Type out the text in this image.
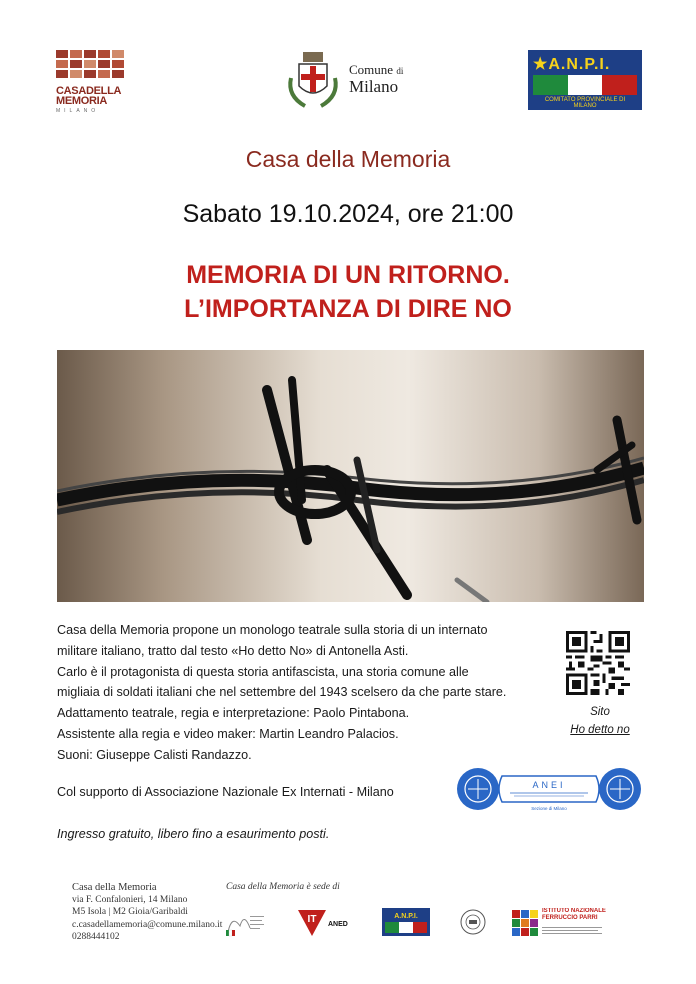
CASADELLA
MEMORIA
MILANO
Comune di
Milano
★A.N.P.I.
COMITATO PROVINCIALE DI MILANO
Casa della Memoria
Sabato 19.10.2024, ore 21:00
MEMORIA DI UN RITORNO.
L’IMPORTANZA DI DIRE NO

Casa della Memoria propone un monologo teatrale sulla storia di un internato

militare italiano, tratto dal testo «Ho detto No» di Antonella Asti.

Carlo è il protagonista di questa storia antifascista, una storia comune alle

migliaia di soldati italiani che nel settembre del 1943 scelsero da che parte stare.

Adattamento teatrale, regia e interpretazione: Paolo Pintabona.

Assistente alla regia e video maker: Martin Leandro Palacios.

Suoni: Giuseppe Calisti Randazzo.

Col supporto di Associazione Nazionale Ex Internati - Milano
Ingresso gratuito, libero fino a esaurimento posti.
Sito
Ho detto no
ANEI
Sezione di Milano
Casa della Memoria
via F. Confalonieri, 14 Milano
M5 Isola | M2 Gioia/Garibaldi
c.casadellamemoria@comune.milano.it
0288444102
Casa della Memoria è sede di
IT ANED
A.N.P.I.
ISTITUTO NAZIONALE FERRUCCIO PARRI
